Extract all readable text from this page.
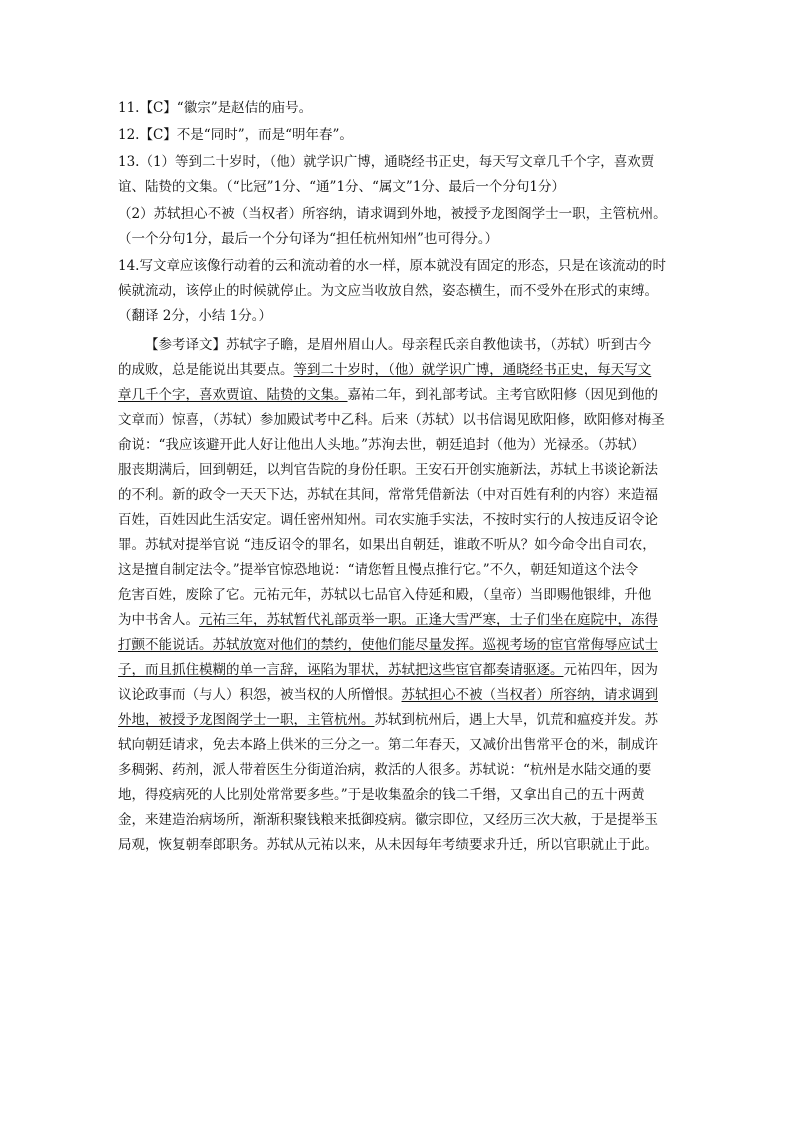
11.【C】“徽宗”是赵佶的庙号。
12.【C】不是“同时”，而是“明年春”。
13.（1）等到二十岁时，（他）就学识广博，通晓经书正史，每天写文章几千个字，喜欢贾
谊、陆贽的文集。（“比冠”1分、“通”1分、“属文”1分、最后一个分句1分）
（2）苏轼担心不被（当权者）所容纳，请求调到外地，被授予龙图阁学士一职，主管杭州。
（一个分句1分，最后一个分句译为“担任杭州知州”也可得分。）
14.写文章应该像行动着的云和流动着的水一样，原本就没有固定的形态，只是在该流动的时
候就流动，该停止的时候就停止。为文应当收放自然，姿态横生，而不受外在形式的束缚。
（翻译 2分，小结 1分。）
【参考译文】苏轼字子瞻，是眉州眉山人。母亲程氏亲自教他读书，（苏轼）听到古今
的成败，总是能说出其要点。等到二十岁时，（他）就学识广博，通晓经书正史，每天写文
章几千个字，喜欢贾谊、陆贽的文集。嘉祐二年，到礼部考试。主考官欧阳修（因见到他的
文章而）惊喜，（苏轼）参加殿试考中乙科。后来（苏轼）以书信谒见欧阳修，欧阳修对梅圣
俞说：“我应该避开此人好让他出人头地。”苏洵去世，朝廷追封（他为）光禄丞。（苏轼）
服丧期满后，回到朝廷，以判官告院的身份任职。王安石开创实施新法，苏轼上书谈论新法
的不利。新的政令一天天下达，苏轼在其间，常常凭借新法（中对百姓有利的内容）来造福
百姓，百姓因此生活安定。调任密州知州。司农实施手实法，不按时实行的人按违反诏令论
罪。苏轼对提举官说 “违反诏令的罪名，如果出自朝廷，谁敢不听从？如今命令出自司农，
这是擅自制定法令。”提举官惊恐地说：“请您暂且慢点推行它。”不久，朝廷知道这个法令
危害百姓，废除了它。元祐元年，苏轼以七品官入侍延和殿，（皇帝）当即赐他银绯，升他
为中书舍人。元祐三年，苏轼暂代礼部贡举一职。正逢大雪严寒，士子们坐在庭院中，冻得
打颤不能说话。苏轼放宽对他们的禁约，使他们能尽量发挥。巡视考场的宦官常侮辱应试士
子，而且抓住模糊的单一言辞，诬陷为罪状，苏轼把这些宦官都奏请驱逐。元祐四年，因为
议论政事而（与人）积怨，被当权的人所憎恨。苏轼担心不被（当权者）所容纳，请求调到
外地，被授予龙图阁学士一职，主管杭州。苏轼到杭州后，遇上大旱，饥荒和瘟疫并发。苏
轼向朝廷请求，免去本路上供米的三分之一。第二年春天，又减价出售常平仓的米，制成许
多稠粥、药剂，派人带着医生分街道治病，救活的人很多。苏轼说：“杭州是水陆交通的要
地，得疫病死的人比别处常常要多些。”于是收集盈余的钱二千缗，又拿出自己的五十两黄
金，来建造治病场所，渐渐积聚钱粮来抵御疫病。徽宗即位，又经历三次大赦，于是提举玉
局观，恢复朝奉郎职务。苏轼从元祐以来，从未因每年考绩要求升迁，所以官职就止于此。
